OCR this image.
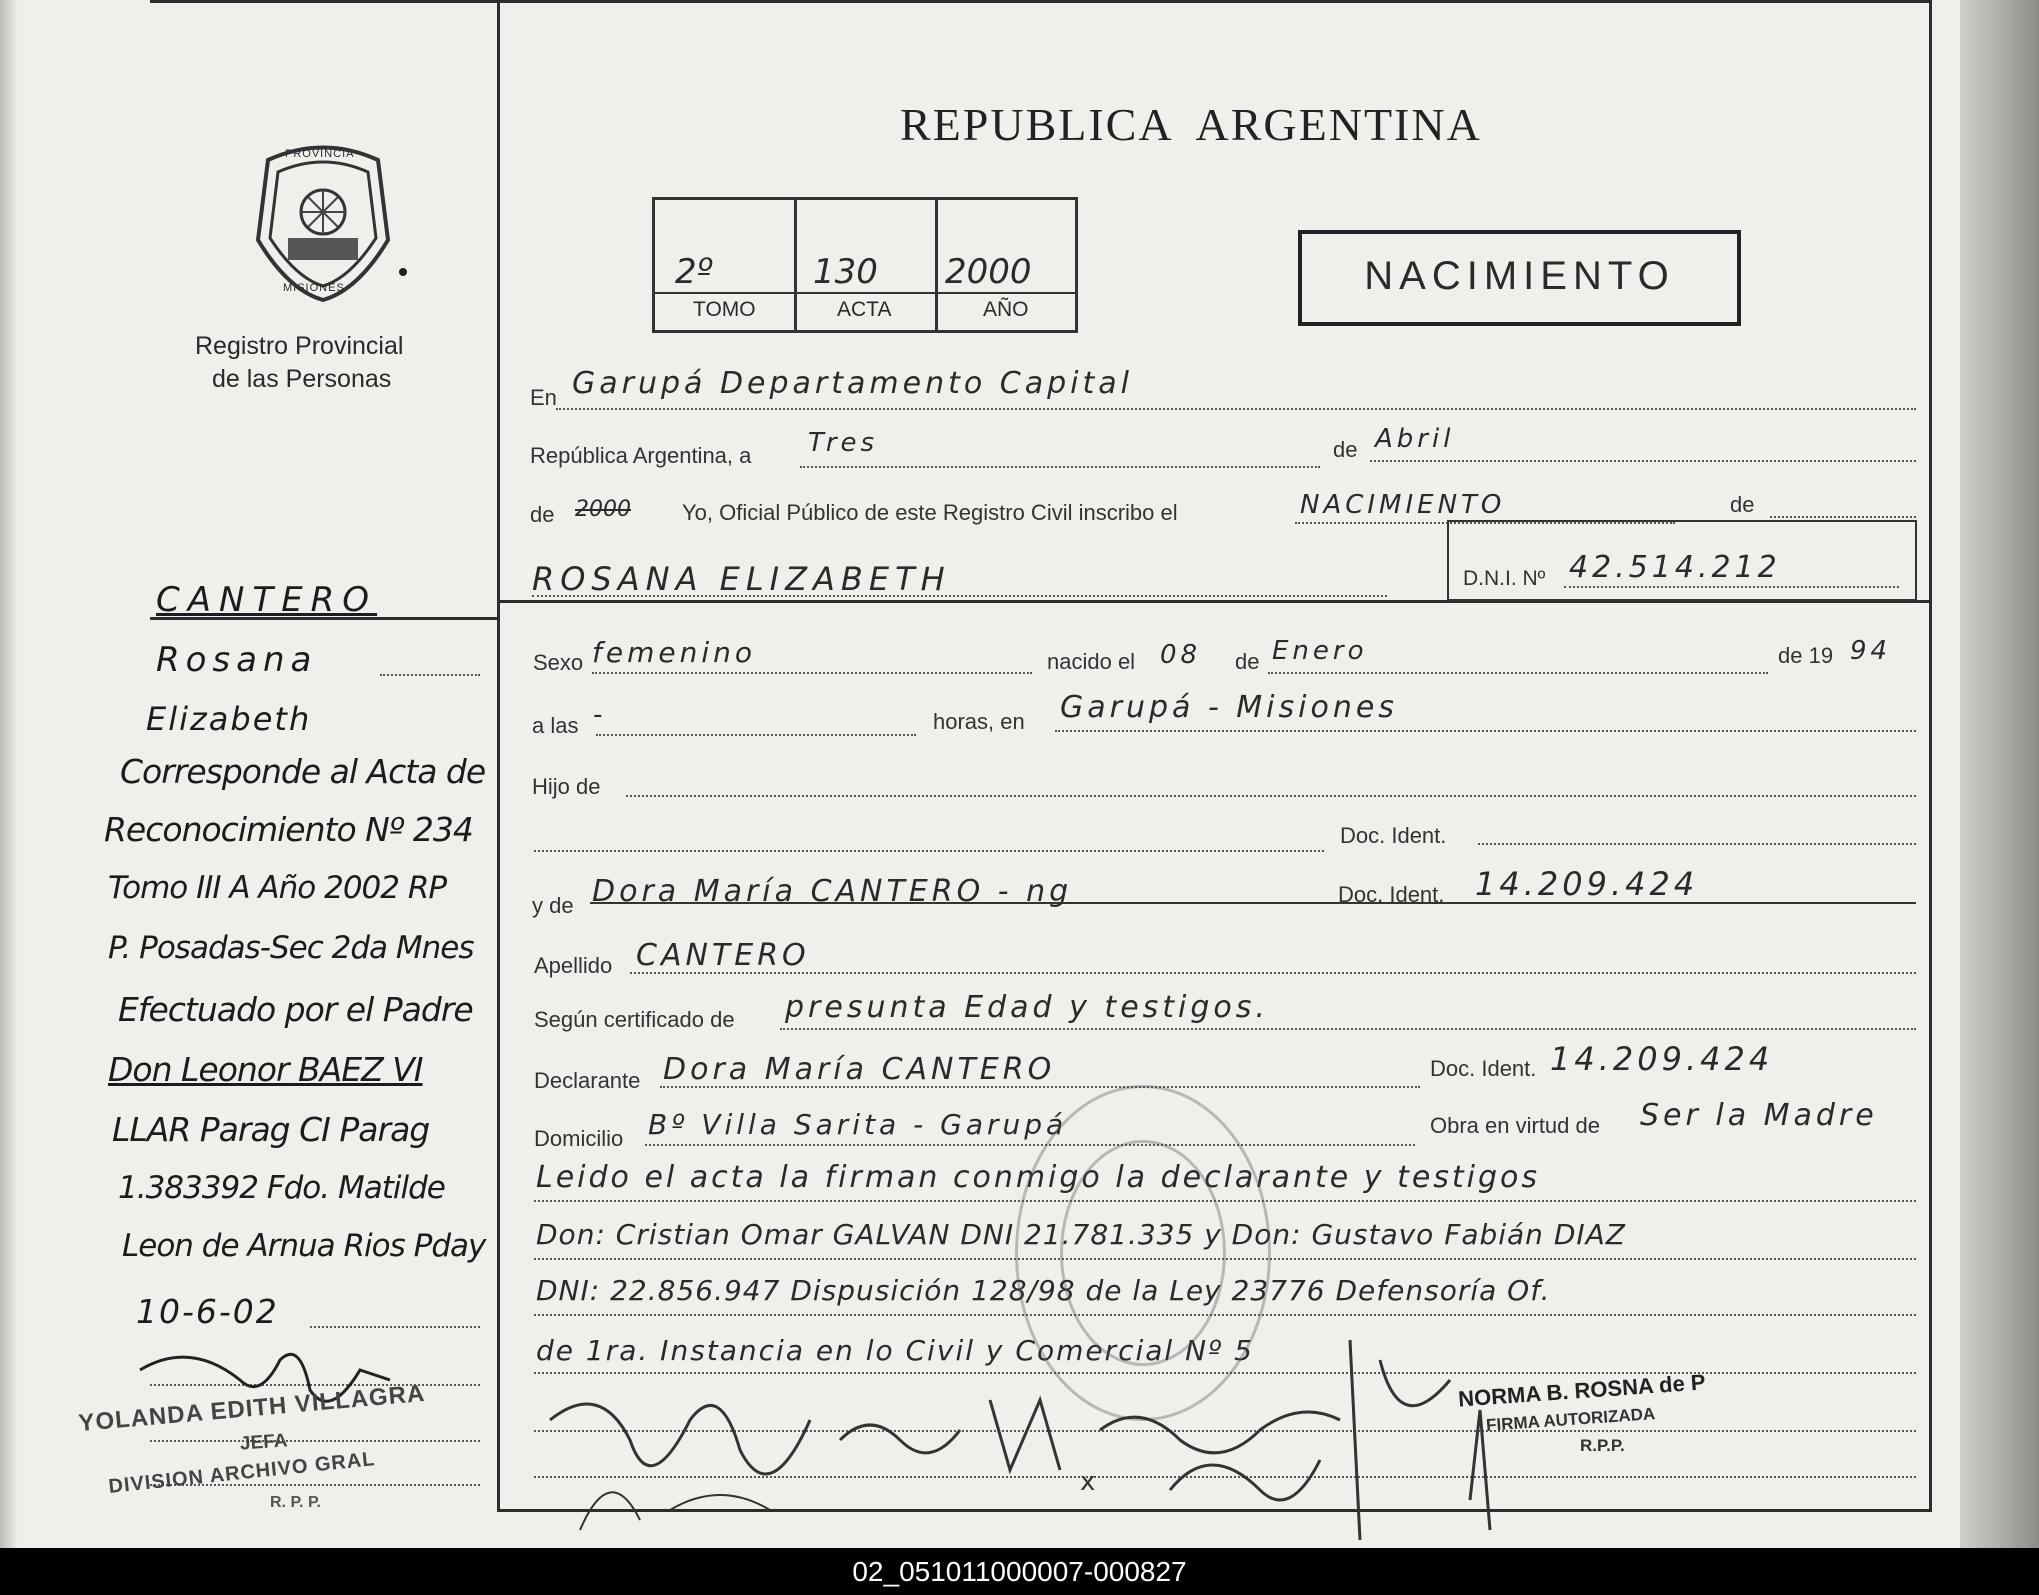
PROVINCIA
MISIONES
Registro Provincial
de las Personas
REPUBLICA  ARGENTINA
2º	130 2000
TOMO	ACTA	AÑO
NACIMIENTO
En Garupá Departamento Capital
República Argentina, a Tres	de Abril
de 2000 Yo, Oficial Público de este Registro Civil inscribo el	NACIMIENTO	de
ROSANA ELIZABETH	D.N.I. Nº 42.514.212
Sexo femenino	nacido el 08 de Enero	de 19 94
a las -	horas, en Garupá - Misiones
Hijo de
Doc. Ident.
y de Dora María CANTERO - ng	Doc. Ident. 14.209.424
Apellido CANTERO
Según certificado de presunta Edad y testigos.
Declarante Dora María CANTERO	Doc. Ident. 14.209.424
Domicilio Bº Villa Sarita - Garupá	Obra en virtud de Ser la Madre
Leido el acta la firman conmigo la declarante y testigos
Don: Cristian Omar GALVAN DNI 21.781.335 y Don: Gustavo Fabián DIAZ
DNI: 22.856.947 Dispusición 128/98 de la Ley 23776 Defensoría Of.
de 1ra. Instancia en lo Civil y Comercial Nº 5
x
NORMA B. ROSNA de P
FIRMA AUTORIZADA
R.P.P.
CANTERO
Rosana
Elizabeth
Corresponde al Acta de
Reconocimiento Nº 234
Tomo III A Año 2002 RP
P. Posadas-Sec 2da Mnes
Efectuado por el Padre
Don Leonor BAEZ VI
LLAR Parag CI Parag
1.383392 Fdo. Matilde
Leon de Arnua Rios Pday
10-6-02
YOLANDA EDITH VILLAGRA
JEFA
DIVISION ARCHIVO GRAL
R. P. P.
02_051011000007-000827
